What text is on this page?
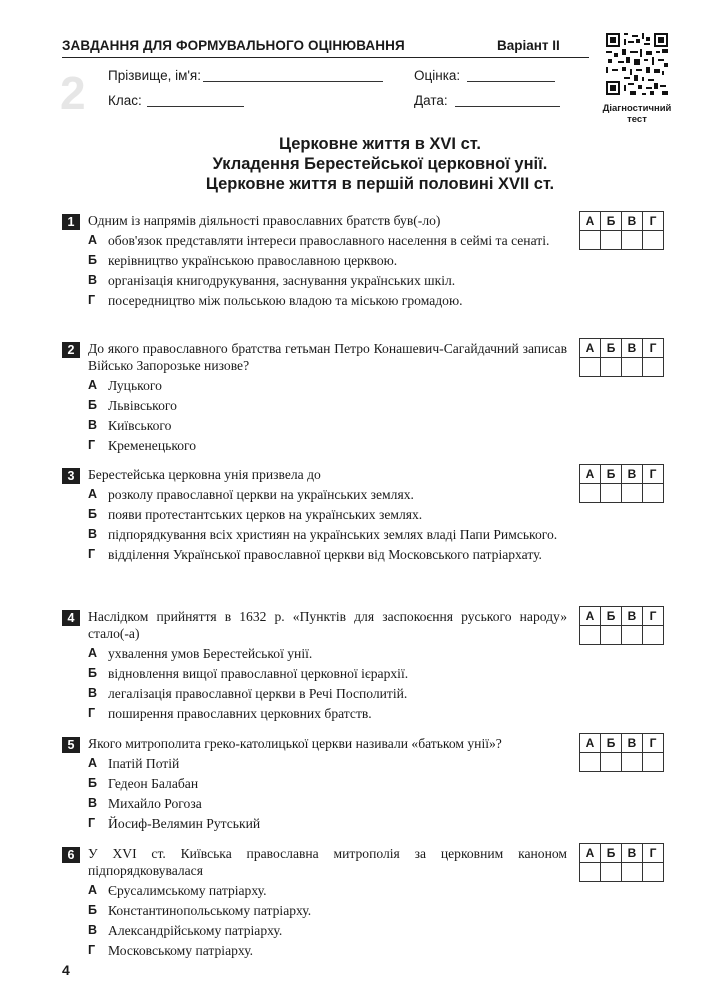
ЗАВДАННЯ ДЛЯ ФОРМУВАЛЬНОГО ОЦІНЮВАННЯ	Варіант ІІ
2 Прізвище, ім'я:	Оцінка:
Клас:	Дата:
Діагностичний тест
Церковне життя в XVI ст.
Укладення Берестейської церковної унії.
Церковне життя в першій половині XVII ст.
1 Одним із напрямів діяльності православних братств був(-ло)
А обов'язок представляти інтереси православного населення в сеймі та сенаті.
Б керівництво українською православною церквою.
В організація книгодрукування, заснування українських шкіл.
Г посередництво між польською владою та міською громадою.
А	Б	В	Г

2 До якого православного братства гетьман Петро Конашевич-Сагайдачний записав Військо Запорозьке низове?
А Луцького
Б Львівського
В Київського
Г Кременецького
А	Б	В	Г

3 Берестейська церковна унія призвела до
А розколу православної церкви на українських землях.
Б появи протестантських церков на українських землях.
В підпорядкування всіх християн на українських землях владі Папи Римського.
Г відділення Української православної церкви від Московського патріархату.
А	Б	В	Г

4 Наслідком прийняття в 1632 р. «Пунктів для заспокоєння руського народу» стало(-а)
А ухвалення умов Берестейської унії.
Б відновлення вищої православної церковної ієрархії.
В легалізація православної церкви в Речі Посполитій.
Г поширення православних церковних братств.
А	Б	В	Г

5 Якого митрополита греко-католицької церкви називали «батьком унії»?
А Іпатій Потій
Б Гедеон Балабан
В Михайло Рогоза
Г Йосиф-Велямин Рутський
А	Б	В	Г

6 У XVI ст. Київська православна митрополія за церковним каноном підпорядковувалася
А Єрусалимському патріарху.
Б Константинопольському патріарху.
В Александрійському патріарху.
Г Московському патріарху.
А	Б	В	Г

4
